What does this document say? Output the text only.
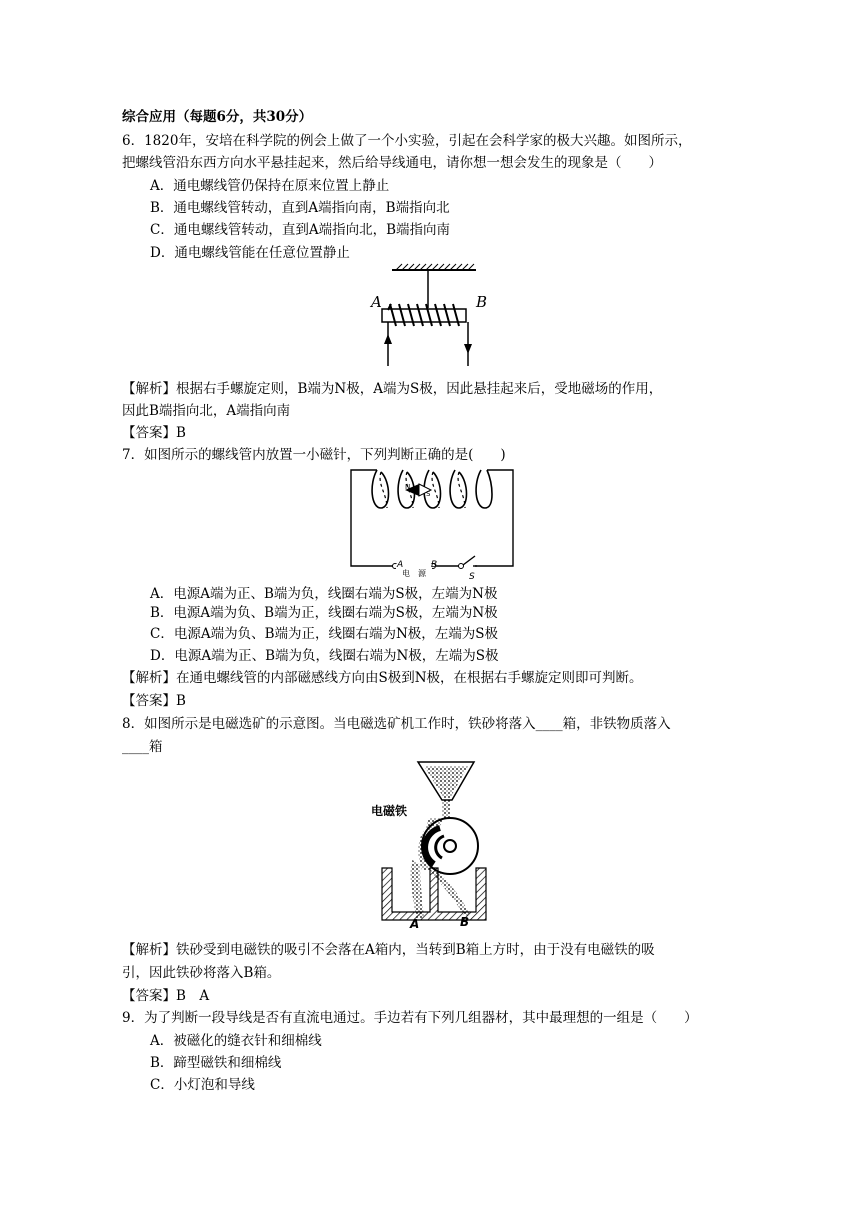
综合应用（每题6分，共30分）
6．1820年，安培在科学院的例会上做了一个小实验，引起在会科学家的极大兴趣。如图所示，
把螺线管沿东西方向水平悬挂起来，然后给导线通电，请你想一想会发生的现象是（　　）
A．通电螺线管仍保持在原来位置上静止
B．通电螺线管转动，直到A端指向南，B端指向北
C．通电螺线管转动，直到A端指向北，B端指向南
D．通电螺线管能在任意位置静止
A	B
【解析】根据右手螺旋定则，B端为N极，A端为S极，因此悬挂起来后，受地磁场的作用，
因此B端指向北，A端指向南
【答案】B
7．如图所示的螺线管内放置一小磁针，下列判断正确的是(　　)
A	B
S
电　源
N
S
A．电源A端为正、B端为负，线圈右端为S极，左端为N极
B．电源A端为负、B端为正，线圈右端为S极，左端为N极
C．电源A端为负、B端为正，线圈右端为N极，左端为S极
D．电源A端为正、B端为负，线圈右端为N极，左端为S极
【解析】在通电螺线管的内部磁感线方向由S极到N极，在根据右手螺旋定则即可判断。
【答案】B
8．如图所示是电磁选矿的示意图。当电磁选矿机工作时，铁砂将落入____箱，非铁物质落入
____箱
电磁铁
A	B
【解析】铁砂受到电磁铁的吸引不会落在A箱内，当转到B箱上方时，由于没有电磁铁的吸
引，因此铁砂将落入B箱。
【答案】B　A
9．为了判断一段导线是否有直流电通过。手边若有下列几组器材，其中最理想的一组是（　　）
A．被磁化的缝衣针和细棉线
B．蹄型磁铁和细棉线
C．小灯泡和导线
